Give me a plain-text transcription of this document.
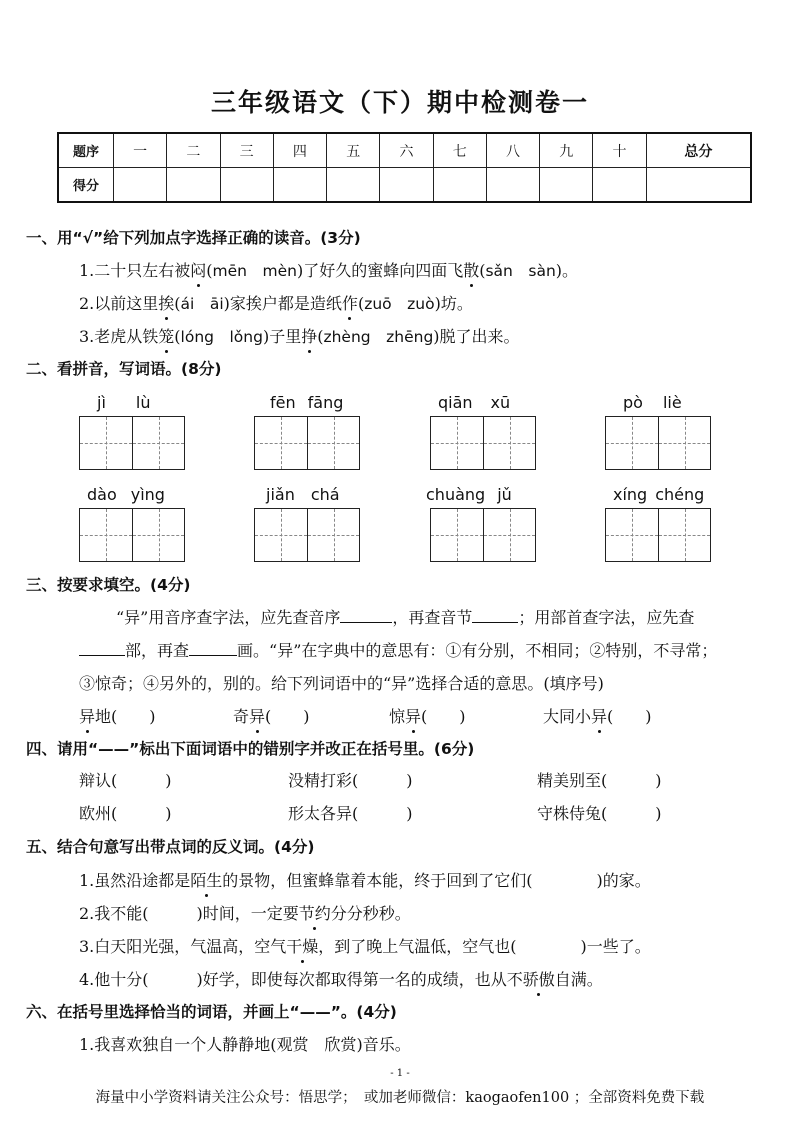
三年级语文（下）期中检测卷一
题序	一	二	三	四	五	六	七	八	九	十	总分
得分											
一、用“√”给下列加点字选择正确的读音。(3分)
1.二十只左右被闷(mēn　mèn)了好久的蜜蜂向四面飞散(sǎn　sàn)。
2.以前这里挨(ái　āi)家挨户都是造纸作(zuō　zuò)坊。
3.老虎从铁笼(lóng　lǒng)子里挣(zhèng　zhēng)脱了出来。
二、看拼音，写词语。(8分)
jì lù	fēn fāng	qiān xū	pò liè
dào yìng	jiǎn chá	chuàng jǔ	xíng chéng
三、按要求填空。(4分)
“异”用音序查字法，应先查音序	，再查音节	；用部首查字法，应先查
部，再查	画。“异”在字典中的意思有：①有分别，不相同；②特别，不寻常；
③惊奇；④另外的，别的。给下列词语中的“异”选择合适的意思。(填序号)
异地(　　)	奇异(　　)	惊异(　　)	大同小异(　　)
四、请用“——”标出下面词语中的错别字并改正在括号里。(6分)
辩认(　　　)	没精打彩(　　　)	精美别至(　　　)
欧州(　　　)	形太各异(　　　)	守株侍兔(　　　)
五、结合句意写出带点词的反义词。(4分)
1.虽然沿途都是陌生的景物，但蜜蜂靠着本能，终于回到了它们(　　　　)的家。
2.我不能(　　　)时间，一定要节约分分秒秒。
3.白天阳光强，气温高，空气干燥，到了晚上气温低，空气也(　　　　)一些了。
4.他十分(　　　)好学，即使每次都取得第一名的成绩，也从不骄傲自满。
六、在括号里选择恰当的词语，并画上“——”。(4分)
1.我喜欢独自一个人静静地(观赏　欣赏)音乐。
- 1 -
海量中小学资料请关注公众号：悟思学；　或加老师微信：kaogaofen100 ；全部资料免费下载
